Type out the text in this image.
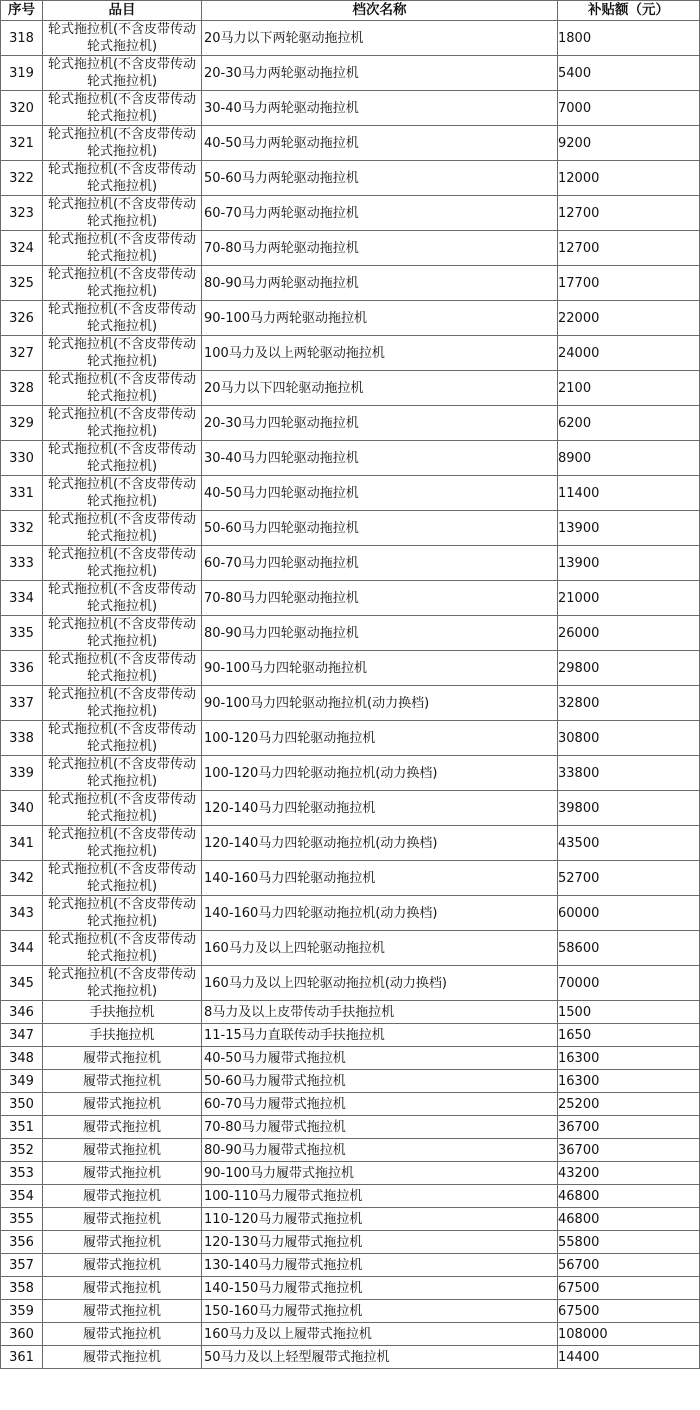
序号	品目	档次名称	补贴额（元）
318	轮式拖拉机(不含皮带传动轮式拖拉机)	20马力以下两轮驱动拖拉机	1800
319	轮式拖拉机(不含皮带传动轮式拖拉机)	20-30马力两轮驱动拖拉机	5400
320	轮式拖拉机(不含皮带传动轮式拖拉机)	30-40马力两轮驱动拖拉机	7000
321	轮式拖拉机(不含皮带传动轮式拖拉机)	40-50马力两轮驱动拖拉机	9200
322	轮式拖拉机(不含皮带传动轮式拖拉机)	50-60马力两轮驱动拖拉机	12000
323	轮式拖拉机(不含皮带传动轮式拖拉机)	60-70马力两轮驱动拖拉机	12700
324	轮式拖拉机(不含皮带传动轮式拖拉机)	70-80马力两轮驱动拖拉机	12700
325	轮式拖拉机(不含皮带传动轮式拖拉机)	80-90马力两轮驱动拖拉机	17700
326	轮式拖拉机(不含皮带传动轮式拖拉机)	90-100马力两轮驱动拖拉机	22000
327	轮式拖拉机(不含皮带传动轮式拖拉机)	100马力及以上两轮驱动拖拉机	24000
328	轮式拖拉机(不含皮带传动轮式拖拉机)	20马力以下四轮驱动拖拉机	2100
329	轮式拖拉机(不含皮带传动轮式拖拉机)	20-30马力四轮驱动拖拉机	6200
330	轮式拖拉机(不含皮带传动轮式拖拉机)	30-40马力四轮驱动拖拉机	8900
331	轮式拖拉机(不含皮带传动轮式拖拉机)	40-50马力四轮驱动拖拉机	11400
332	轮式拖拉机(不含皮带传动轮式拖拉机)	50-60马力四轮驱动拖拉机	13900
333	轮式拖拉机(不含皮带传动轮式拖拉机)	60-70马力四轮驱动拖拉机	13900
334	轮式拖拉机(不含皮带传动轮式拖拉机)	70-80马力四轮驱动拖拉机	21000
335	轮式拖拉机(不含皮带传动轮式拖拉机)	80-90马力四轮驱动拖拉机	26000
336	轮式拖拉机(不含皮带传动轮式拖拉机)	90-100马力四轮驱动拖拉机	29800
337	轮式拖拉机(不含皮带传动轮式拖拉机)	90-100马力四轮驱动拖拉机(动力换档)	32800
338	轮式拖拉机(不含皮带传动轮式拖拉机)	100-120马力四轮驱动拖拉机	30800
339	轮式拖拉机(不含皮带传动轮式拖拉机)	100-120马力四轮驱动拖拉机(动力换档)	33800
340	轮式拖拉机(不含皮带传动轮式拖拉机)	120-140马力四轮驱动拖拉机	39800
341	轮式拖拉机(不含皮带传动轮式拖拉机)	120-140马力四轮驱动拖拉机(动力换档)	43500
342	轮式拖拉机(不含皮带传动轮式拖拉机)	140-160马力四轮驱动拖拉机	52700
343	轮式拖拉机(不含皮带传动轮式拖拉机)	140-160马力四轮驱动拖拉机(动力换档)	60000
344	轮式拖拉机(不含皮带传动轮式拖拉机)	160马力及以上四轮驱动拖拉机	58600
345	轮式拖拉机(不含皮带传动轮式拖拉机)	160马力及以上四轮驱动拖拉机(动力换档)	70000
346	手扶拖拉机	8马力及以上皮带传动手扶拖拉机	1500
347	手扶拖拉机	11-15马力直联传动手扶拖拉机	1650
348	履带式拖拉机	40-50马力履带式拖拉机	16300
349	履带式拖拉机	50-60马力履带式拖拉机	16300
350	履带式拖拉机	60-70马力履带式拖拉机	25200
351	履带式拖拉机	70-80马力履带式拖拉机	36700
352	履带式拖拉机	80-90马力履带式拖拉机	36700
353	履带式拖拉机	90-100马力履带式拖拉机	43200
354	履带式拖拉机	100-110马力履带式拖拉机	46800
355	履带式拖拉机	110-120马力履带式拖拉机	46800
356	履带式拖拉机	120-130马力履带式拖拉机	55800
357	履带式拖拉机	130-140马力履带式拖拉机	56700
358	履带式拖拉机	140-150马力履带式拖拉机	67500
359	履带式拖拉机	150-160马力履带式拖拉机	67500
360	履带式拖拉机	160马力及以上履带式拖拉机	108000
361	履带式拖拉机	50马力及以上轻型履带式拖拉机	14400
